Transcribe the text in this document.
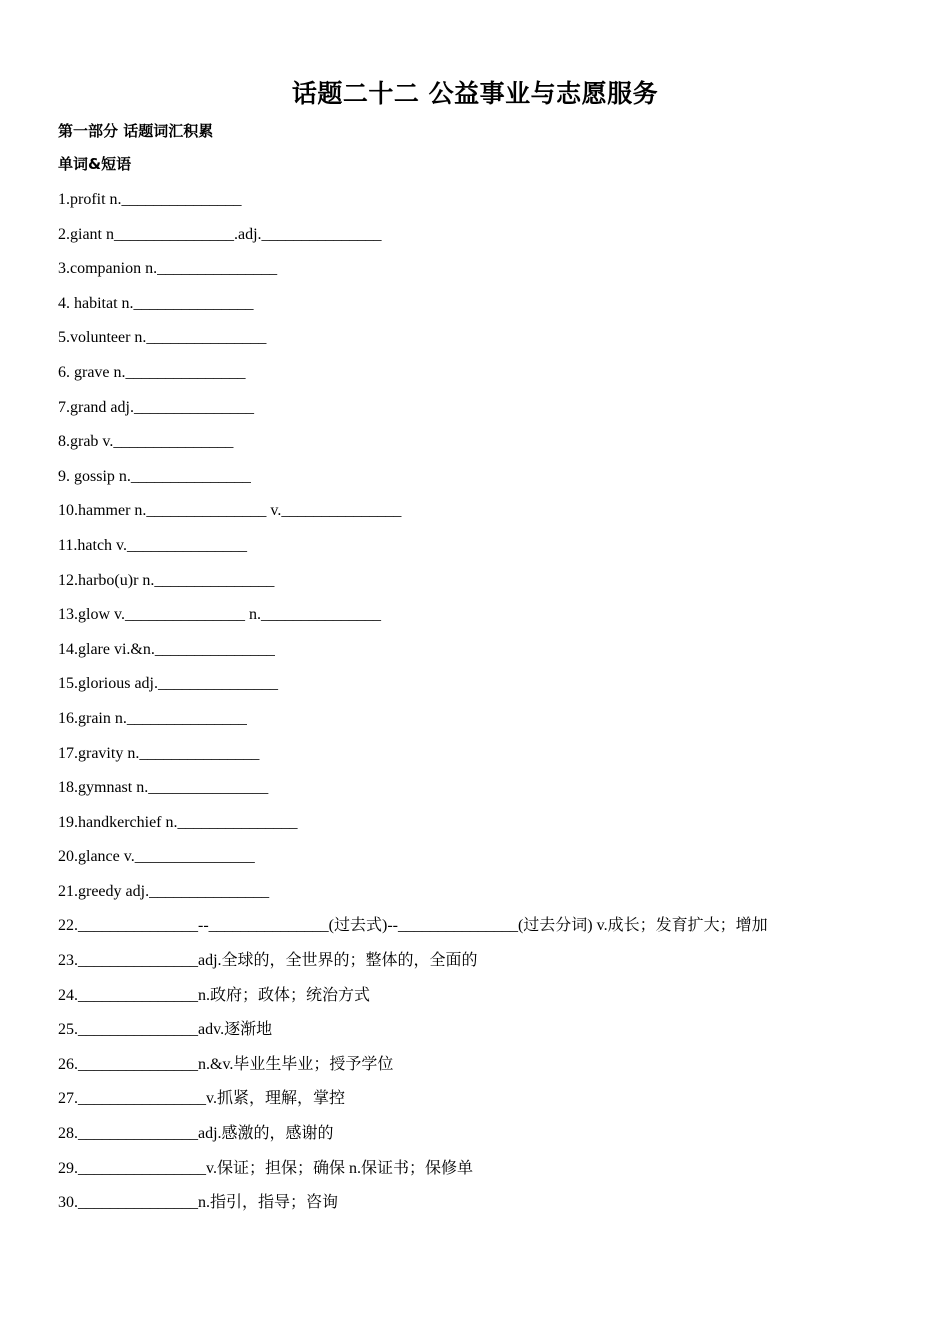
话题二十二 公益事业与志愿服务
第一部分 话题词汇积累
单词&短语
1.profit n._______________
2.giant n_______________.adj._______________
3.companion n._______________
4. habitat n._______________
5.volunteer n._______________
6. grave n._______________
7.grand adj._______________
8.grab v._______________
9. gossip n._______________
10.hammer n._______________ v._______________
11.hatch v._______________
12.harbo(u)r n._______________
13.glow v._______________ n._______________
14.glare vi.&n._______________
15.glorious adj._______________
16.grain n._______________
17.gravity n._______________
18.gymnast n._______________
19.handkerchief n._______________
20.glance v._______________
21.greedy adj._______________
22._______________--_______________(过去式)--_______________(过去分词) v.成长；发育扩大；增加
23._______________adj.全球的，全世界的；整体的，全面的
24._______________n.政府；政体；统治方式
25._______________adv.逐渐地
26._______________n.&v.毕业生毕业；授予学位
27.________________v.抓紧，理解，掌控
28._______________adj.感激的，感谢的
29.________________v.保证；担保；确保 n.保证书；保修单
30._______________n.指引，指导；咨询
